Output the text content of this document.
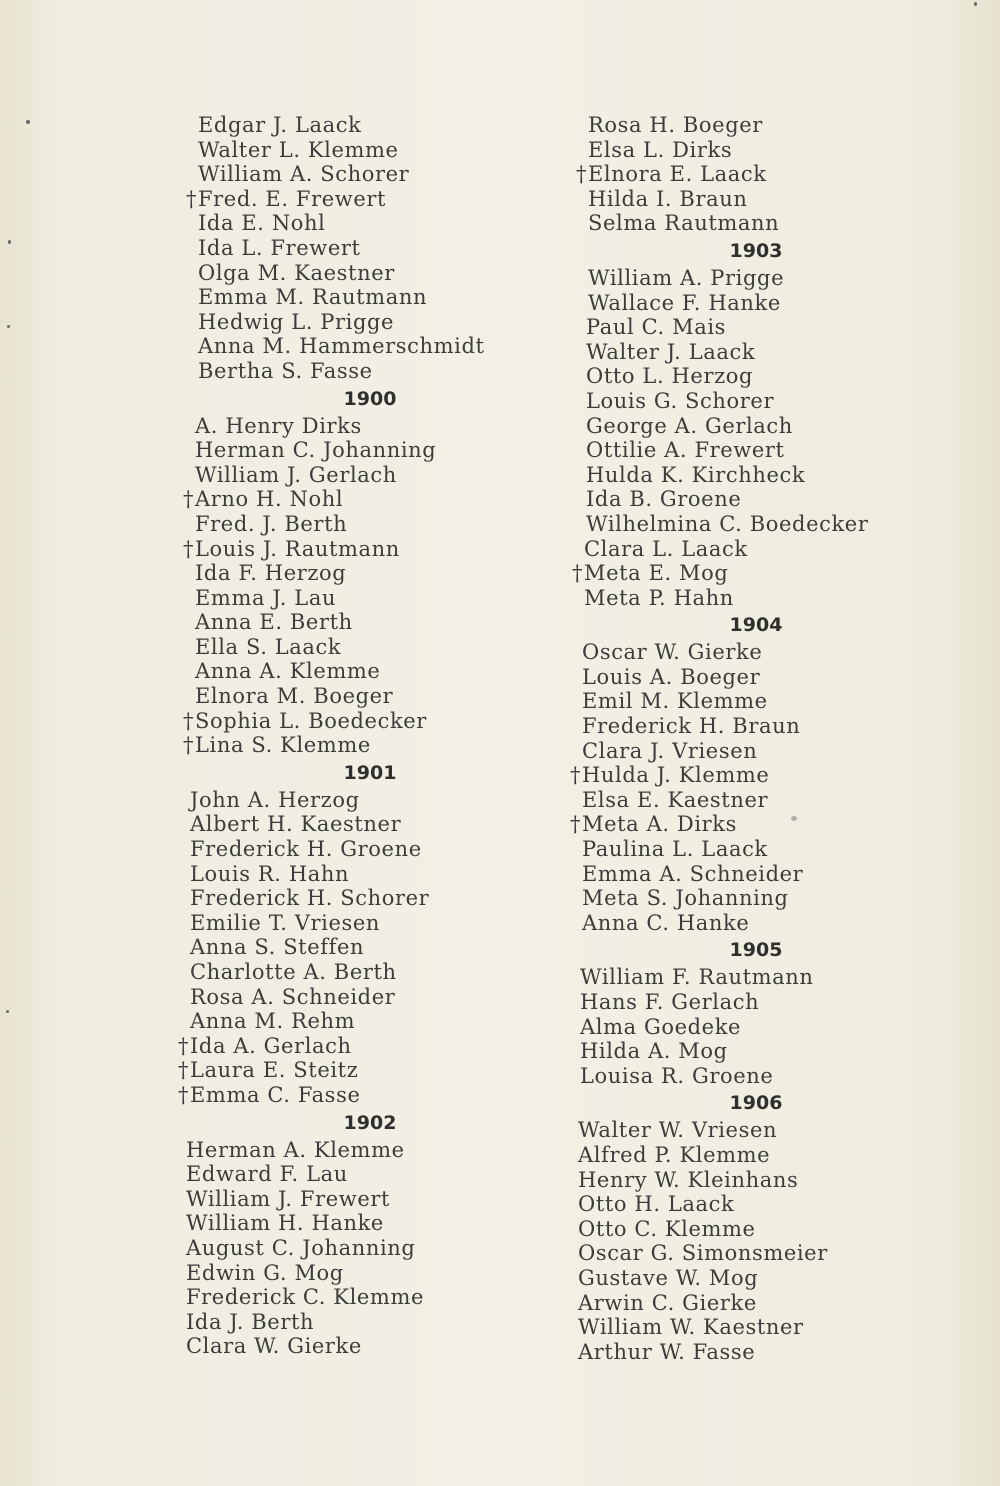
Edgar J. Laack
Walter L. Klemme
William A. Schorer
†Fred. E. Frewert
Ida E. Nohl
Ida L. Frewert
Olga M. Kaestner
Emma M. Rautmann
Hedwig L. Prigge
Anna M. Hammerschmidt
Bertha S. Fasse
1900
A. Henry Dirks
Herman C. Johanning
William J. Gerlach
†Arno H. Nohl
Fred. J. Berth
†Louis J. Rautmann
Ida F. Herzog
Emma J. Lau
Anna E. Berth
Ella S. Laack
Anna A. Klemme
Elnora M. Boeger
†Sophia L. Boedecker
†Lina S. Klemme
1901
John A. Herzog
Albert H. Kaestner
Frederick H. Groene
Louis R. Hahn
Frederick H. Schorer
Emilie T. Vriesen
Anna S. Steffen
Charlotte A. Berth
Rosa A. Schneider
Anna M. Rehm
†Ida A. Gerlach
†Laura E. Steitz
†Emma C. Fasse
1902
Herman A. Klemme
Edward F. Lau
William J. Frewert
William H. Hanke
August C. Johanning
Edwin G. Mog
Frederick C. Klemme
Ida J. Berth
Clara W. Gierke
Rosa H. Boeger
Elsa L. Dirks
†Elnora E. Laack
Hilda I. Braun
Selma Rautmann
1903
William A. Prigge
Wallace F. Hanke
Paul C. Mais
Walter J. Laack
Otto L. Herzog
Louis G. Schorer
George A. Gerlach
Ottilie A. Frewert
Hulda K. Kirchheck
Ida B. Groene
Wilhelmina C. Boedecker
Clara L. Laack
†Meta E. Mog
Meta P. Hahn
1904
Oscar W. Gierke
Louis A. Boeger
Emil M. Klemme
Frederick H. Braun
Clara J. Vriesen
†Hulda J. Klemme
Elsa E. Kaestner
†Meta A. Dirks
Paulina L. Laack
Emma A. Schneider
Meta S. Johanning
Anna C. Hanke
1905
William F. Rautmann
Hans F. Gerlach
Alma Goedeke
Hilda A. Mog
Louisa R. Groene
1906
Walter W. Vriesen
Alfred P. Klemme
Henry W. Kleinhans
Otto H. Laack
Otto C. Klemme
Oscar G. Simonsmeier
Gustave W. Mog
Arwin C. Gierke
William W. Kaestner
Arthur W. Fasse
